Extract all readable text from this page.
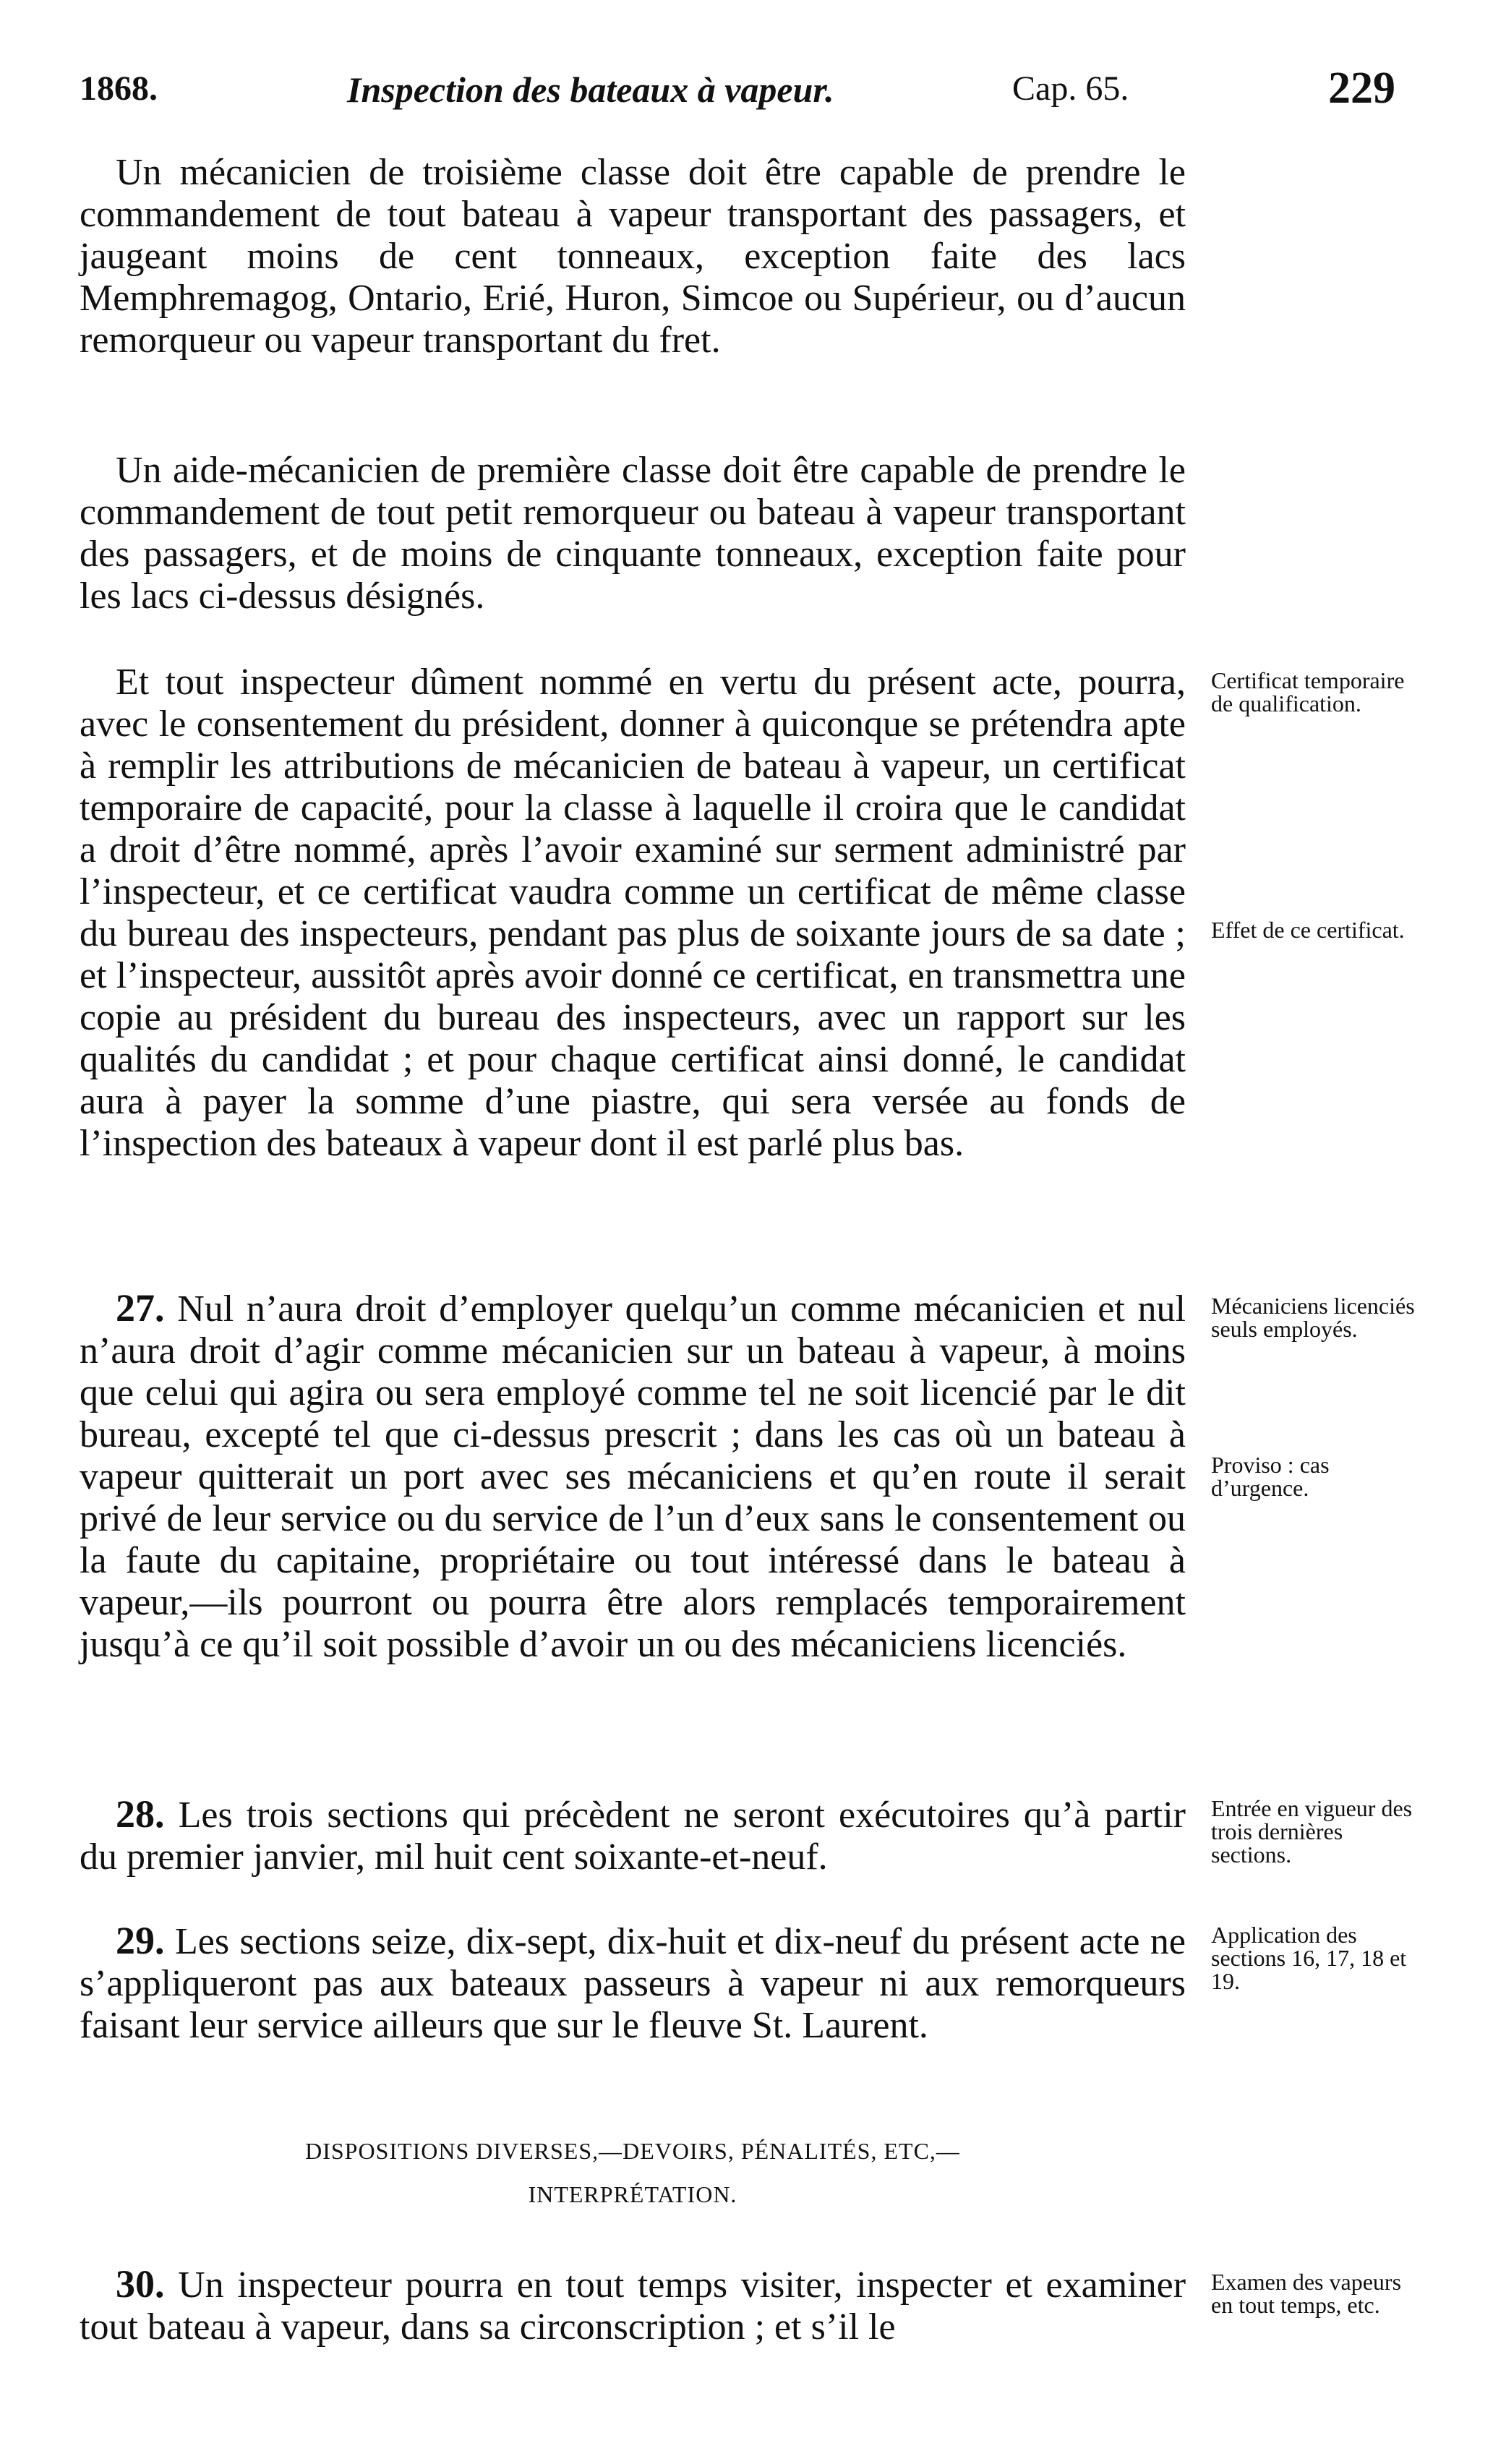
1868.	Inspection des bateaux à vapeur.	Cap. 65.	229

Un mécanicien de troisième classe doit être capable de prendre le commandement de tout bateau à vapeur transportant des passagers, et jaugeant moins de cent tonneaux, exception faite des lacs Memphremagog, Ontario, Erié, Huron, Simcoe ou Supérieur, ou d’aucun remorqueur ou vapeur transportant du fret.

Un aide-mécanicien de première classe doit être capable de prendre le commandement de tout petit remorqueur ou bateau à vapeur transportant des passagers, et de moins de cinquante tonneaux, exception faite pour les lacs ci-dessus désignés.

Et tout inspecteur dûment nommé en vertu du présent acte, pourra, avec le consentement du président, donner à quiconque se prétendra apte à remplir les attributions de mécanicien de bateau à vapeur, un certificat temporaire de capacité, pour la classe à laquelle il croira que le candidat a droit d’être nommé, après l’avoir examiné sur serment administré par l’inspecteur, et ce certificat vaudra comme un certificat de même classe du bureau des inspecteurs, pendant pas plus de soixante jours de sa date ; et l’inspecteur, aussitôt après avoir donné ce certificat, en transmettra une copie au président du bureau des inspecteurs, avec un rapport sur les qualités du candidat ; et pour chaque certificat ainsi donné, le candidat aura à payer la somme d’une piastre, qui sera versée au fonds de l’inspection des bateaux à vapeur dont il est parlé plus bas.

27. Nul n’aura droit d’employer quelqu’un comme mécanicien et nul n’aura droit d’agir comme mécanicien sur un bateau à vapeur, à moins que celui qui agira ou sera employé comme tel ne soit licencié par le dit bureau, excepté tel que ci-dessus prescrit ; dans les cas où un bateau à vapeur quitterait un port avec ses mécaniciens et qu’en route il serait privé de leur service ou du service de l’un d’eux sans le consentement ou la faute du capitaine, propriétaire ou tout intéressé dans le bateau à vapeur,—ils pourront ou pourra être alors remplacés temporairement jusqu’à ce qu’il soit possible d’avoir un ou des mécaniciens licenciés.

28. Les trois sections qui précèdent ne seront exécutoires qu’à partir du premier janvier, mil huit cent soixante-et-neuf.

29. Les sections seize, dix-sept, dix-huit et dix-neuf du présent acte ne s’appliqueront pas aux bateaux passeurs à vapeur ni aux remorqueurs faisant leur service ailleurs que sur le fleuve St. Laurent.

DISPOSITIONS DIVERSES,—DEVOIRS, PÉNALITÉS, ETC,—
INTERPRÉTATION.

30. Un inspecteur pourra en tout temps visiter, inspecter et examiner tout bateau à vapeur, dans sa circonscription ; et s’il le

Certificat temporaire de qualification.

Effet de ce certificat.

Mécaniciens licenciés seuls employés.

Proviso : cas d’urgence.

Entrée en vigueur des trois dernières sections.

Application des sections 16, 17, 18 et 19.

Examen des vapeurs en tout temps, etc.
